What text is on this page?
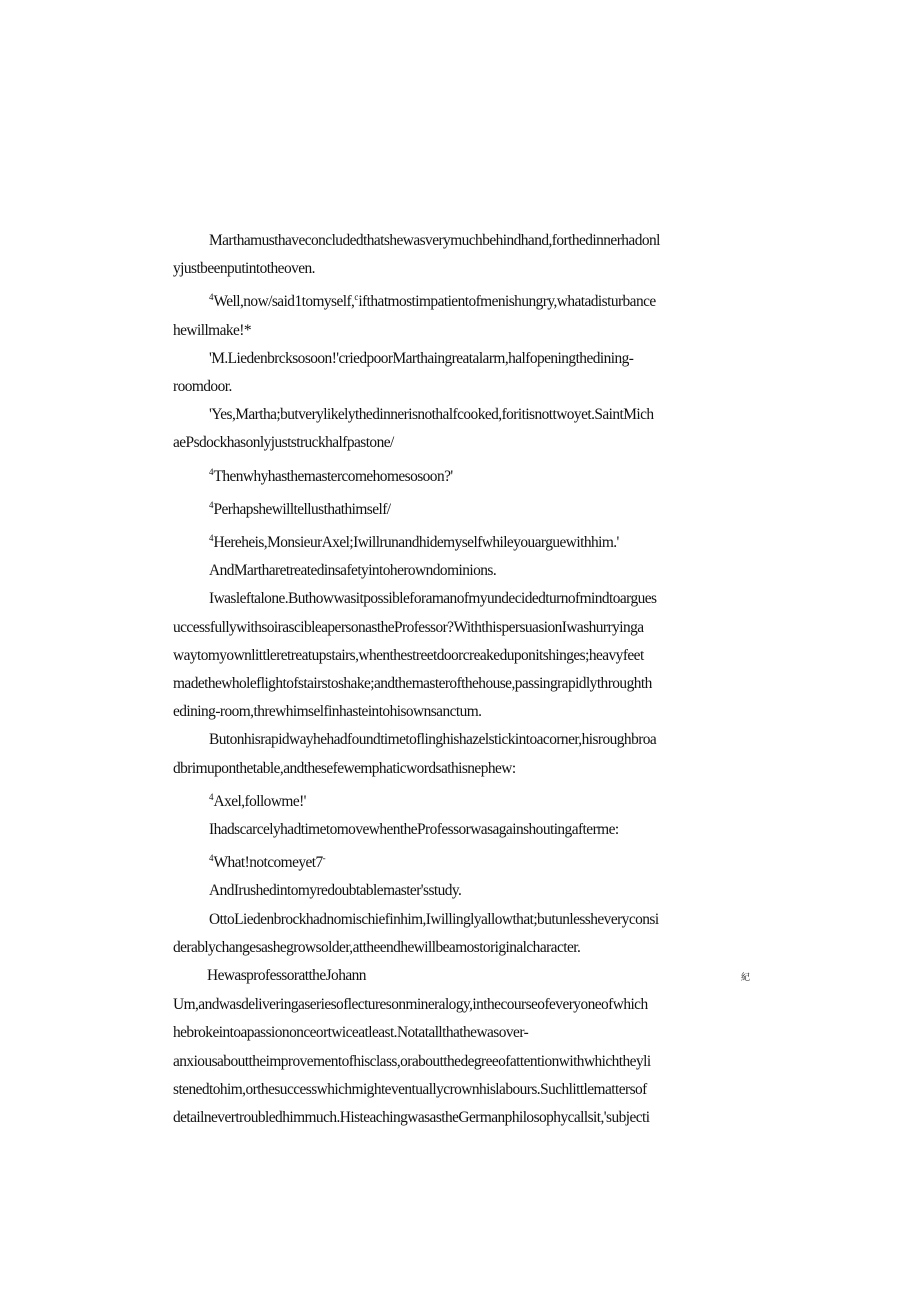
Marthamusthaveconcludedthatshewasverymuchbehindhand,forthedinnerhadonl
yjustbeenputintotheoven.
$^4$Well,now/said1tomyself,$^c$ifthatmostimpatientofmenishungry,whatadisturbance
hewillmake!*
'M.Liedenbrcksosoon!'criedpoorMarthaingreatalarm,halfopeningthedining-
roomdoor.
'Yes,Martha;butverylikelythedinnerisnothalfcooked,foritisnottwoyet.SaintMich
aePsdockhasonlyjuststruckhalfpastone/
$^4$Thenwhyhasthemastercomehomesosoon?'
$^4$Perhapshewilltellusthathimself/
$^4$Hereheis,MonsieurAxel;Iwillrunandhidemyselfwhileyouarguewithhim.'
AndMartharetreatedinsafetyintoherowndominions.
Iwasleftalone.Buthowwasitpossibleforamanofmyundecidedturnofmindtoargues
uccessfullywithsoirascibleapersonastheProfessor?WiththispersuasionIwashurryinga
waytomyownlittleretreatupstairs,whenthestreetdoorcreakeduponitshinges;heavyfeet
madethewholeflightofstairstoshake;andthemasterofthehouse,passingrapidlythroughth
edining-room,threwhimselfinhasteintohisownsanctum.
Butonhisrapidwayhehadfoundtimetoflinghishazelstickintoacorner,hisroughbroa
dbrimuponthetable,andthesefewemphaticwordsathisnephew:
$^4$Axel,followme!'
IhadscarcelyhadtimetomovewhentheProfessorwasagainshoutingafterme:
$^4$What!notcomeyet7-
AndIrushedintomyredoubtablemaster'sstudy.
OttoLiedenbrockhadnomischiefinhim,Iwillinglyallowthat;butunlessheveryconsi
derablychangesashegrowsolder,attheendhewillbeamostoriginalcharacter.
HewasprofessorattheJohann	紀
Um,andwasdeliveringaseriesoflecturesonmineralogy,inthecourseofeveryoneofwhich
hebrokeintoapassiononceortwiceatleast.Notatallthathewasover-
anxiousabouttheimprovementofhisclass,oraboutthedegreeofattentionwithwhichtheyli
stenedtohim,orthesuccesswhichmighteventuallycrownhislabours.Suchlittlemattersof
detailnevertroubledhimmuch.HisteachingwasastheGermanphilosophycallsit,'subjecti
